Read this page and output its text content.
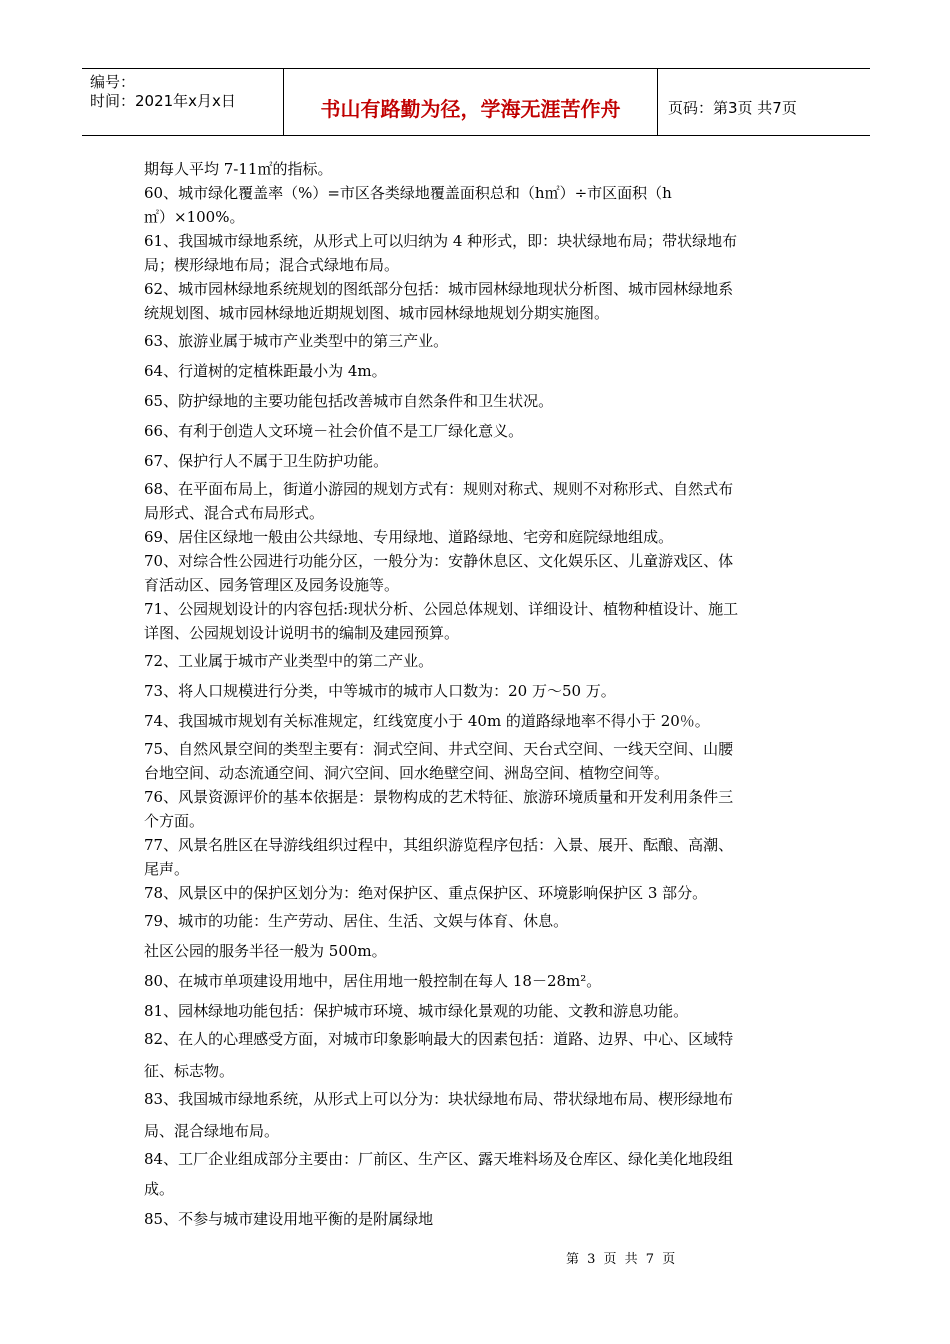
编号：
时间：2021年x月x日	书山有路勤为径，学海无涯苦作舟	页码：第3页 共7页
期每人平均 7-11㎡的指标。
60、城市绿化覆盖率（%）=市区各类绿地覆盖面积总和（h㎡）÷市区面积（h
㎡）×100%。
61、我国城市绿地系统，从形式上可以归纳为 4 种形式，即：块状绿地布局；带状绿地布
局；楔形绿地布局；混合式绿地布局。
62、城市园林绿地系统规划的图纸部分包括：城市园林绿地现状分析图、城市园林绿地系
统规划图、城市园林绿地近期规划图、城市园林绿地规划分期实施图。
63、旅游业属于城市产业类型中的第三产业。
64、行道树的定植株距最小为 4m。
65、防护绿地的主要功能包括改善城市自然条件和卫生状况。
66、有利于创造人文环境－社会价值不是工厂绿化意义。
67、保护行人不属于卫生防护功能。
68、在平面布局上，街道小游园的规划方式有：规则对称式、规则不对称形式、自然式布
局形式、混合式布局形式。
69、居住区绿地一般由公共绿地、专用绿地、道路绿地、宅旁和庭院绿地组成。
70、对综合性公园进行功能分区，一般分为：安静休息区、文化娱乐区、儿童游戏区、体
育活动区、园务管理区及园务设施等。
71、公园规划设计的内容包括:现状分析、公园总体规划、详细设计、植物种植设计、施工
详图、公园规划设计说明书的编制及建园预算。
72、工业属于城市产业类型中的第二产业。
73、将人口规模进行分类，中等城市的城市人口数为：20 万～50 万。
74、我国城市规划有关标准规定，红线宽度小于 40m 的道路绿地率不得小于 20％。
75、自然风景空间的类型主要有：洞式空间、井式空间、天台式空间、一线天空间、山腰
台地空间、动态流通空间、洞穴空间、回水绝壁空间、洲岛空间、植物空间等。
76、风景资源评价的基本依据是：景物构成的艺术特征、旅游环境质量和开发利用条件三
个方面。
77、风景名胜区在导游线组织过程中，其组织游览程序包括：入景、展开、酝酿、高潮、
尾声。
78、风景区中的保护区划分为：绝对保护区、重点保护区、环境影响保护区 3 部分。
79、城市的功能：生产劳动、居住、生活、文娱与体育、休息。
社区公园的服务半径一般为 500m。
80、在城市单项建设用地中，居住用地一般控制在每人 18－28m²。
81、园林绿地功能包括：保护城市环境、城市绿化景观的功能、文教和游息功能。
82、在人的心理感受方面，对城市印象影响最大的因素包括：道路、边界、中心、区域特
征、标志物。
83、我国城市绿地系统，从形式上可以分为：块状绿地布局、带状绿地布局、楔形绿地布
局、混合绿地布局。
84、工厂企业组成部分主要由：厂前区、生产区、露天堆料场及仓库区、绿化美化地段组
成。
85、不参与城市建设用地平衡的是附属绿地
第 3 页 共 7 页
